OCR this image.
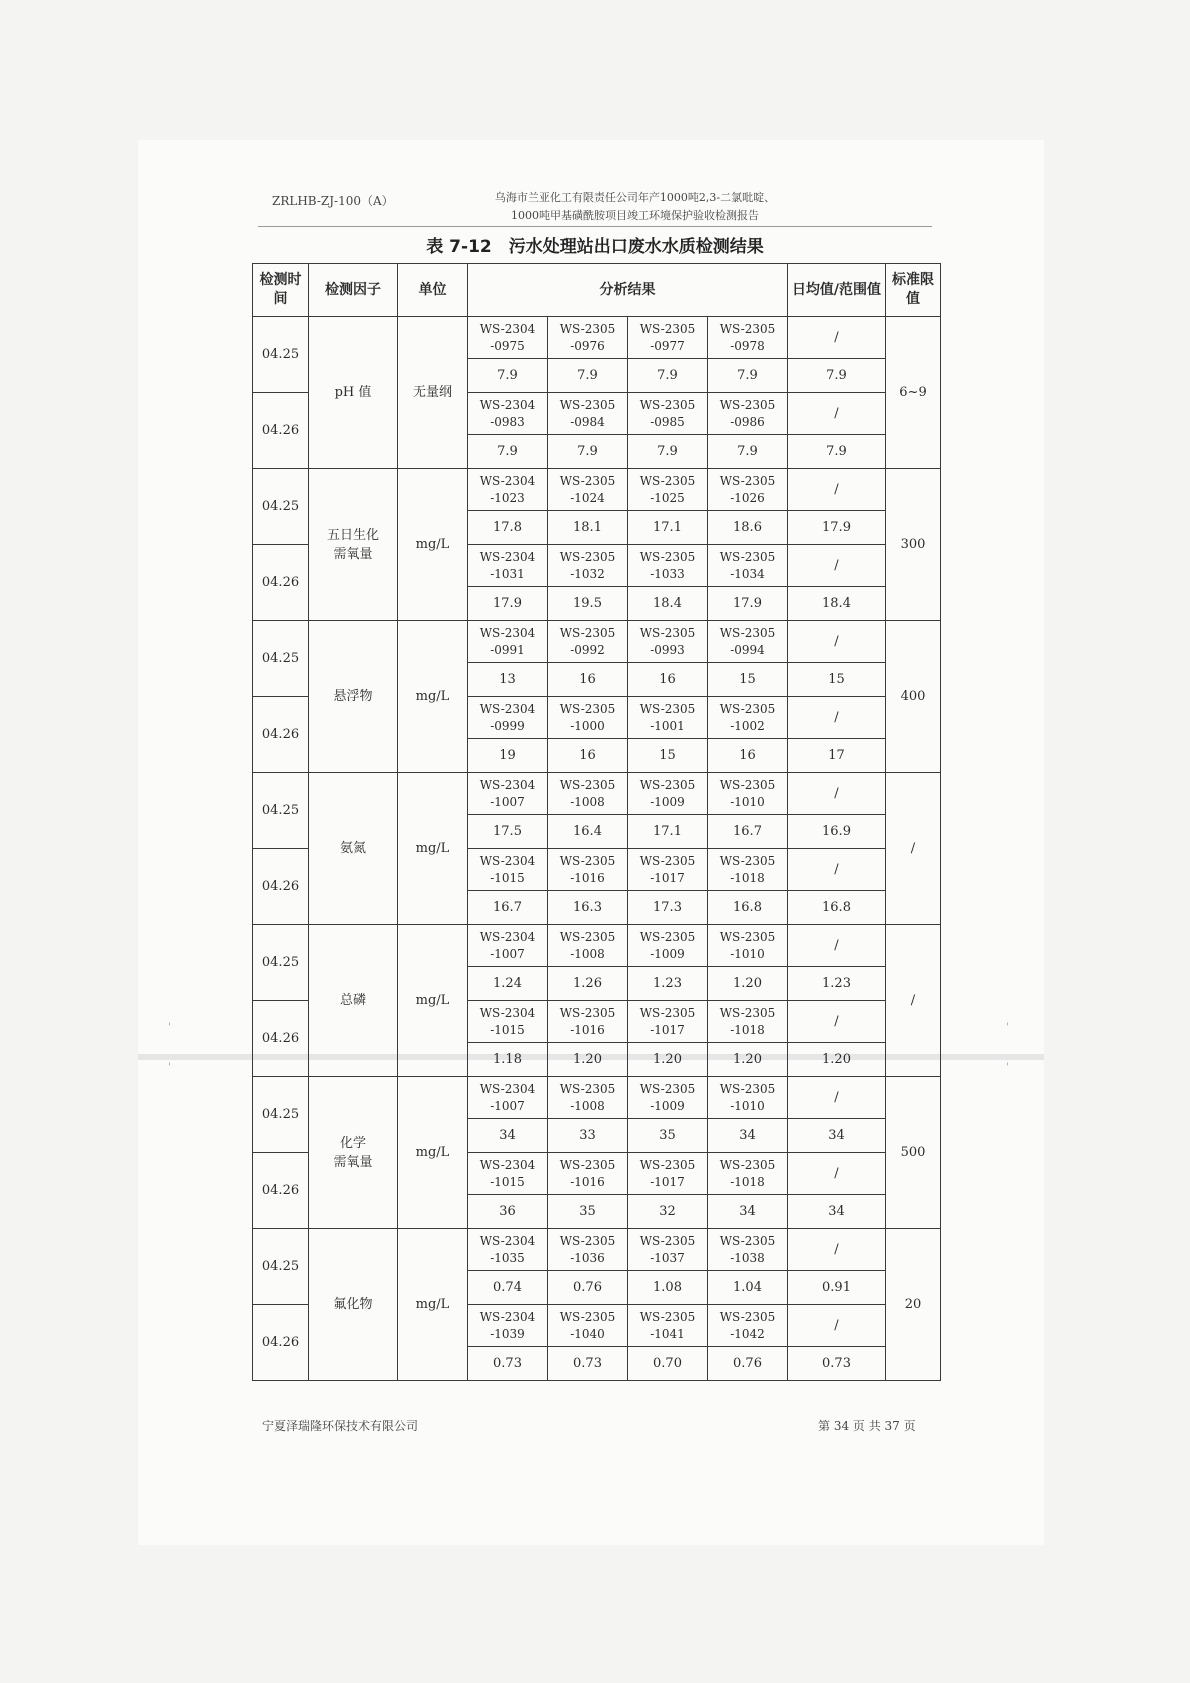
'
'
'
'
ZRLHB-ZJ-100（A）	乌海市兰亚化工有限责任公司年产1000吨2,3-二氯吡啶、
1000吨甲基磺酰胺项目竣工环境保护验收检测报告
表 7-12　污水处理站出口废水水质检测结果
检测时间	检测因子	单位	分析结果				日均值/范围值	标准限值
04.25	pH 值	无量纲	WS-2304
-0975	WS-2305
-0976	WS-2305
-0977	WS-2305
-0978	/	6~9
			7.9	7.9	7.9	7.9	7.9	
04.26			WS-2304
-0983	WS-2305
-0984	WS-2305
-0985	WS-2305
-0986	/	
			7.9	7.9	7.9	7.9	7.9	
04.25	五日生化
需氧量	mg/L	WS-2304
-1023	WS-2305
-1024	WS-2305
-1025	WS-2305
-1026	/	300
			17.8	18.1	17.1	18.6	17.9	
04.26			WS-2304
-1031	WS-2305
-1032	WS-2305
-1033	WS-2305
-1034	/	
			17.9	19.5	18.4	17.9	18.4	
04.25	悬浮物	mg/L	WS-2304
-0991	WS-2305
-0992	WS-2305
-0993	WS-2305
-0994	/	400
			13	16	16	15	15	
04.26			WS-2304
-0999	WS-2305
-1000	WS-2305
-1001	WS-2305
-1002	/	
			19	16	15	16	17	
04.25	氨氮	mg/L	WS-2304
-1007	WS-2305
-1008	WS-2305
-1009	WS-2305
-1010	/	/
			17.5	16.4	17.1	16.7	16.9	
04.26			WS-2304
-1015	WS-2305
-1016	WS-2305
-1017	WS-2305
-1018	/	
			16.7	16.3	17.3	16.8	16.8	
04.25	总磷	mg/L	WS-2304
-1007	WS-2305
-1008	WS-2305
-1009	WS-2305
-1010	/	/
			1.24	1.26	1.23	1.20	1.23	
04.26			WS-2304
-1015	WS-2305
-1016	WS-2305
-1017	WS-2305
-1018	/	
			1.18	1.20	1.20	1.20	1.20	
04.25	化学
需氧量	mg/L	WS-2304
-1007	WS-2305
-1008	WS-2305
-1009	WS-2305
-1010	/	500
			34	33	35	34	34	
04.26			WS-2304
-1015	WS-2305
-1016	WS-2305
-1017	WS-2305
-1018	/	
			36	35	32	34	34	
04.25	氟化物	mg/L	WS-2304
-1035	WS-2305
-1036	WS-2305
-1037	WS-2305
-1038	/	20
			0.74	0.76	1.08	1.04	0.91	
04.26			WS-2304
-1039	WS-2305
-1040	WS-2305
-1041	WS-2305
-1042	/	
			0.73	0.73	0.70	0.76	0.73	
宁夏泽瑞隆环保技术有限公司	第 34 页 共 37 页
